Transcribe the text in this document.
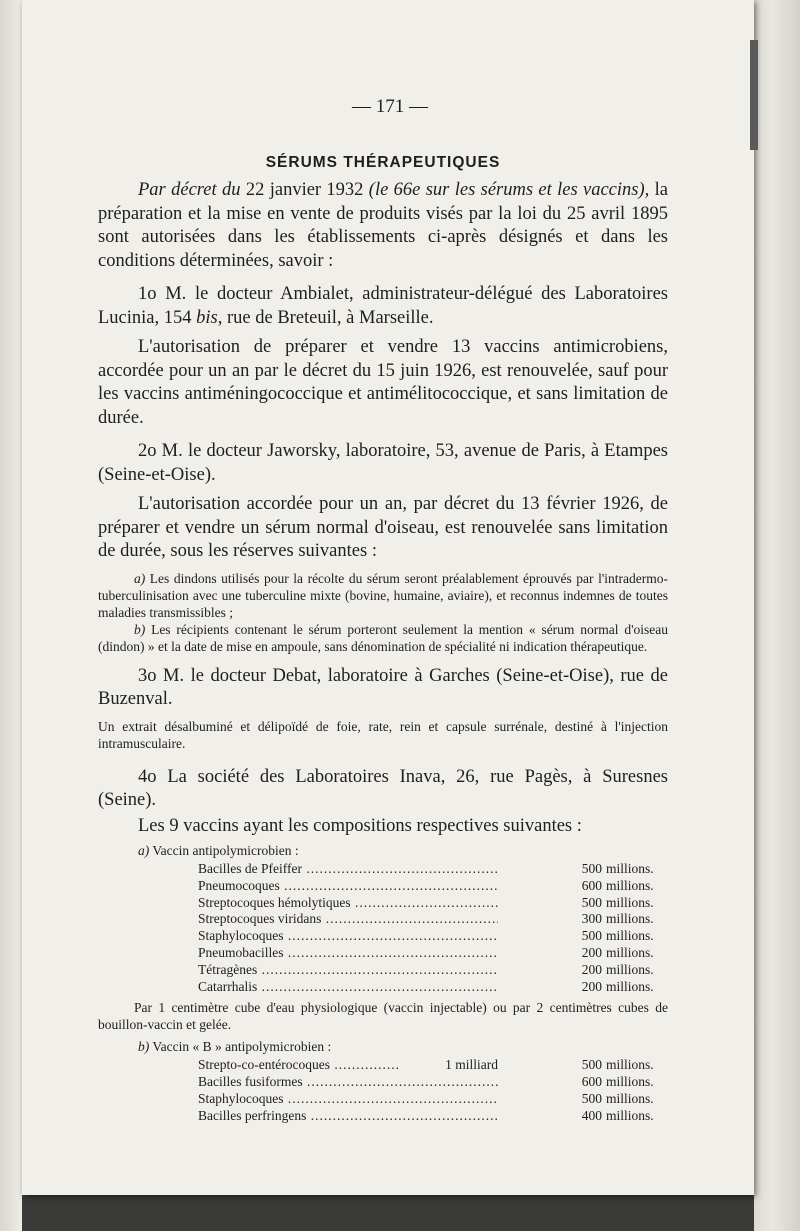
— 171 —
SÉRUMS THÉRAPEUTIQUES

Par décret du 22 janvier 1932 (le 66e sur les sérums et les vaccins), la préparation et la mise en vente de produits visés par la loi du 25 avril 1895 sont autorisées dans les établissements ci-après désignés et dans les conditions déterminées, savoir :

1o M. le docteur Ambialet, administrateur-délégué des Laboratoires Lucinia, 154 bis, rue de Breteuil, à Marseille.

L'autorisation de préparer et vendre 13 vaccins antimicrobiens, accordée pour un an par le décret du 15 juin 1926, est renouvelée, sauf pour les vaccins antiméningococcique et antimélitococcique, et sans limitation de durée.

2o M. le docteur Jaworsky, laboratoire, 53, avenue de Paris, à Etampes (Seine-et-Oise).

L'autorisation accordée pour un an, par décret du 13 février 1926, de préparer et vendre un sérum normal d'oiseau, est renouvelée sans limitation de durée, sous les réserves suivantes :

a) Les dindons utilisés pour la récolte du sérum seront préalablement éprouvés par l'intradermo-tuberculinisation avec une tuberculine mixte (bovine, humaine, aviaire), et reconnus indemnes de toutes maladies transmissibles ;

b) Les récipients contenant le sérum porteront seulement la mention « sérum normal d'oiseau (dindon) » et la date de mise en ampoule, sans dénomination de spécialité ni indication thérapeutique.

3o M. le docteur Debat, laboratoire à Garches (Seine-et-Oise), rue de Buzenval.

Un extrait désalbuminé et délipoïdé de foie, rate, rein et capsule surrénale, destiné à l'injection intramusculaire.

4o La société des Laboratoires Inava, 26, rue Pagès, à Suresnes (Seine).

Les 9 vaccins ayant les compositions respectives suivantes :

a) Vaccin antipolymicrobien :

Bacilles de Pfeiffer .....	500 millions.
Pneumocoques .....	600 millions.
Streptocoques hémolytiques .....	500 millions.
Streptocoques viridans .....	300 millions.
Staphylocoques .....	500 millions.
Pneumobacilles .....	200 millions.
Tétragènes .....	200 millions.
Catarrhalis .....	200 millions.

Par 1 centimètre cube d'eau physiologique (vaccin injectable) ou par 2 centimètres cubes de bouillon-vaccin et gelée.

b) Vaccin « B » antipolymicrobien :

Strepto-co-entérocoques .....	1 milliard	500 millions.
Bacilles fusiformes .....	600 millions.
Staphylocoques .....	500 millions.
Bacilles perfringens .....	400 millions.
